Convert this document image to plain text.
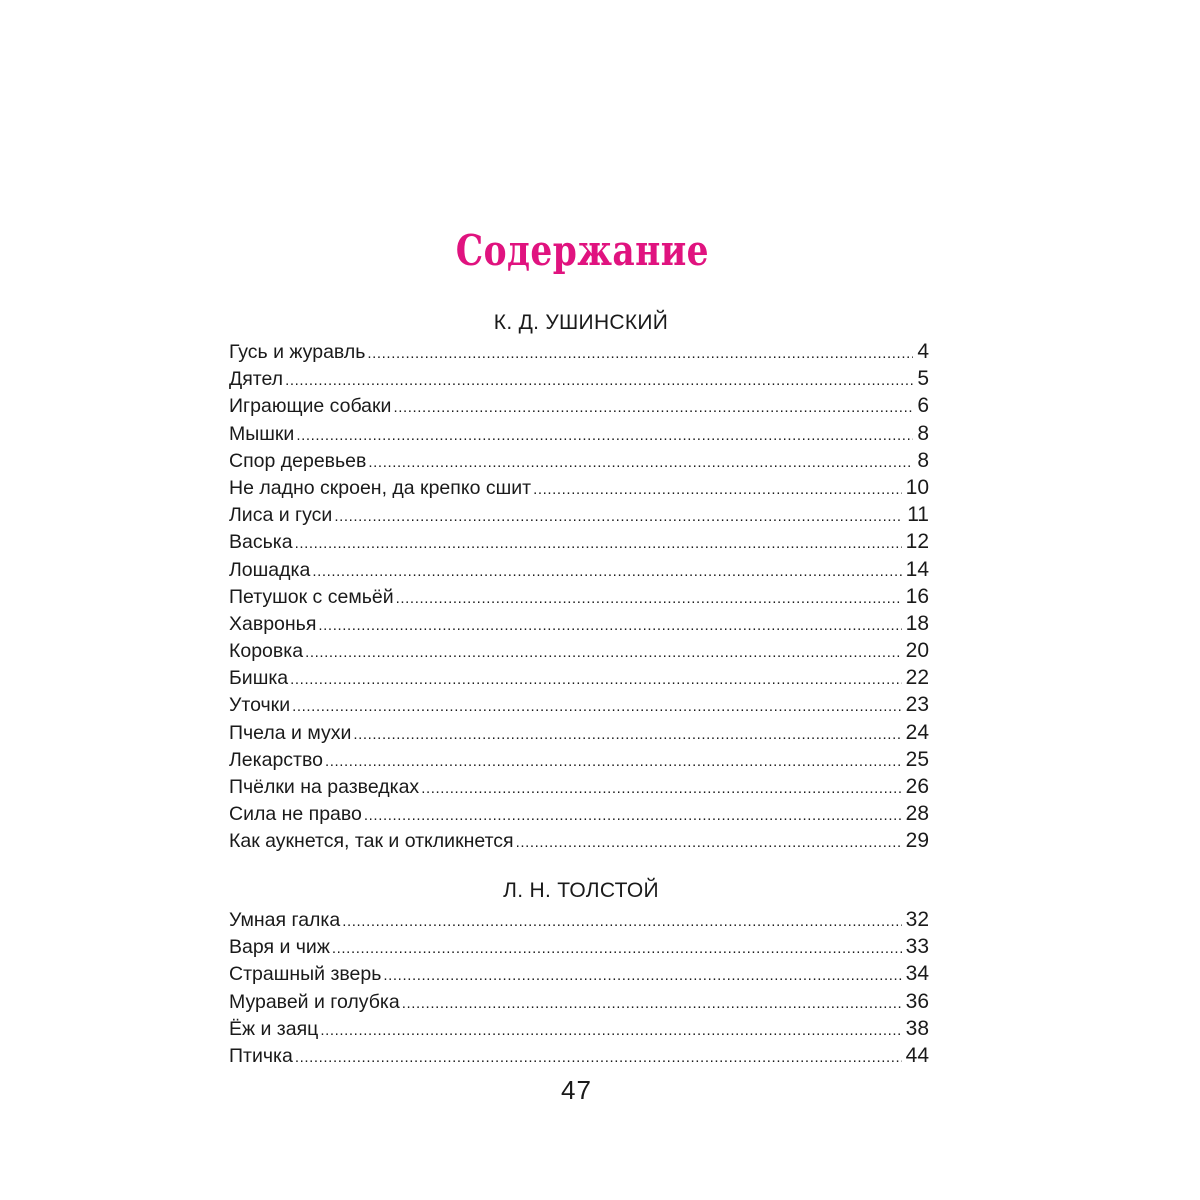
Содержание
К. Д. УШИНСКИЙ
Гусь и журавль .....	4
Дятел .....	5
Играющие собаки .....	6
Мышки .....	8
Спор деревьев .....	8
Не ладно скроен, да крепко сшит .....	10
Лиса и гуси .....	11
Васька .....	12
Лошадка .....	14
Петушок с семьёй .....	16
Хавронья .....	18
Коровка .....	20
Бишка .....	22
Уточки .....	23
Пчела и мухи .....	24
Лекарство .....	25
Пчёлки на разведках .....	26
Сила не право .....	28
Как аукнется, так и откликнется .....	29
Л. Н. ТОЛСТОЙ
Умная галка .....	32
Варя и чиж .....	33
Страшный зверь .....	34
Муравей и голубка .....	36
Ёж и заяц .....	38
Птичка .....	44
47
